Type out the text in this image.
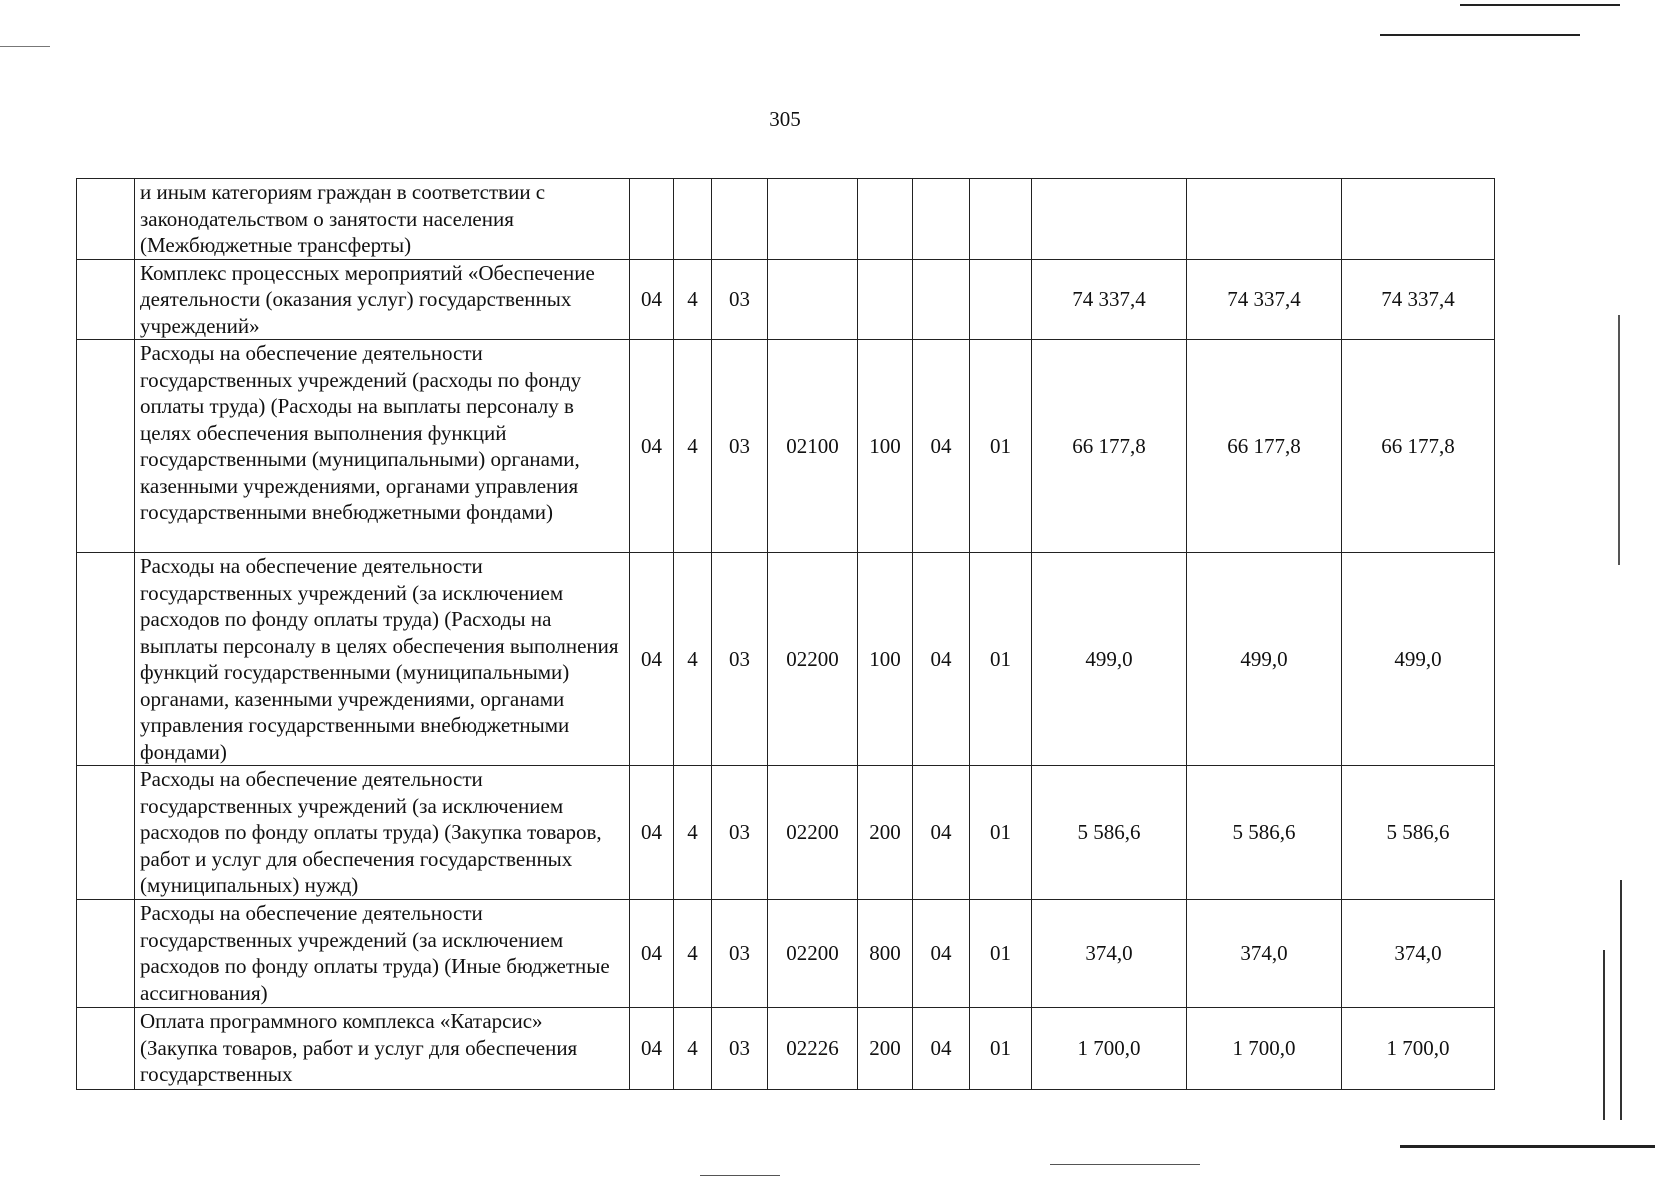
305
	и иным категориям граждан в соответствии с законодательством о занятости населения (Межбюджетные трансферты)										
	Комплекс процессных мероприятий «Обеспечение деятельности (оказания услуг) государственных учреждений»	04	4	03					74 337,4	74 337,4	74 337,4
	Расходы на обеспечение деятельности государственных учреждений (расходы по фонду оплаты труда) (Расходы на выплаты персоналу в целях обеспечения выполнения функций государственными (муниципальными) органами, казенными учреждениями, органами управления государственными внебюджетными фондами)	04	4	03	02100	100	04	01	66 177,8	66 177,8	66 177,8
	Расходы на обеспечение деятельности государственных учреждений (за исключением расходов по фонду оплаты труда) (Расходы на выплаты персоналу в целях обеспечения выполнения функций государственными (муниципальными) органами, казенными учреждениями, органами управления государственными внебюджетными фондами)	04	4	03	02200	100	04	01	499,0	499,0	499,0
	Расходы на обеспечение деятельности государственных учреждений (за исключением расходов по фонду оплаты труда) (Закупка товаров, работ и услуг для обеспечения государственных (муниципальных) нужд)	04	4	03	02200	200	04	01	5 586,6	5 586,6	5 586,6
	Расходы на обеспечение деятельности государственных учреждений (за исключением расходов по фонду оплаты труда) (Иные бюджетные ассигнования)	04	4	03	02200	800	04	01	374,0	374,0	374,0
	Оплата программного комплекса «Катарсис» (Закупка товаров, работ и услуг для обеспечения государственных	04	4	03	02226	200	04	01	1 700,0	1 700,0	1 700,0
